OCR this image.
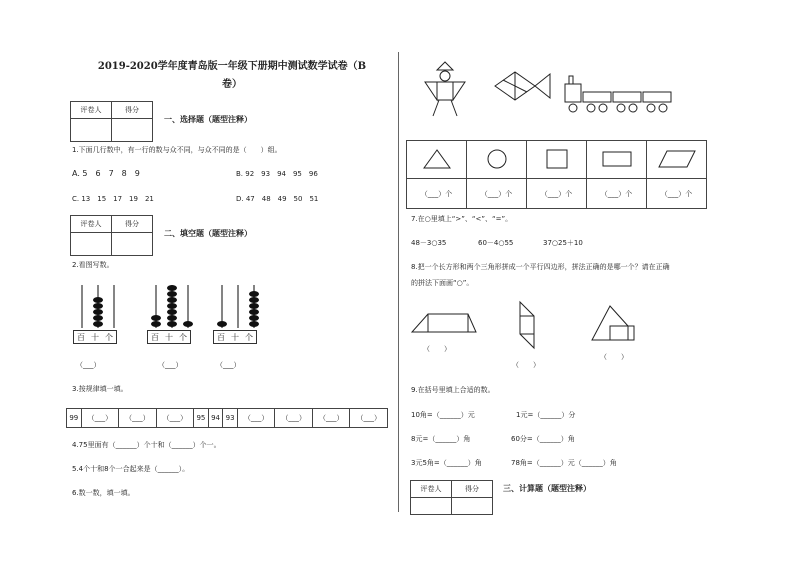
2019-2020学年度青岛版一年级下册期中测试数学试卷（B
卷）
评卷人	得分

一、选择题（题型注释）
1.下面几行数中，有一行的数与众不同，与众不同的是（　　）组。
A. 5　6　7　8　9	B. 92　93　94　95　96
C. 13　15　17　19　21	D. 47　48　49　50　51
评卷人	得分

二、填空题（题型注释）
2.看图写数。
百 十 个	百 十 个	百 十 个
（___）	（___）	（___）
3.按规律填一填。
99	（___）	（___）	（___）	95	94	93	（___）	（___）	（___）	（___）
4.75里面有（______）个十和（______）个一。
5.4个十和8个一合起来是（______）。
6.数一数，填一填。

（___）个	（___）个	（___）个	（___）个	（___）个
7.在○里填上“>”、“<”、“=”。
48－3○35	60－4○55	37○25＋10
8.把一个长方形和两个三角形拼成一个平行四边形，拼法正确的是哪一个？请在正确
的拼法下面画“○”。
（　　）
（　　）
（　　）
9.在括号里填上合适的数。
10角=（______）元	1元=（______）分
8元=（______）角	60分=（______）角
3元5角=（______）角	78角=（______）元（______）角
评卷人	得分
		三、计算题（题型注释）
